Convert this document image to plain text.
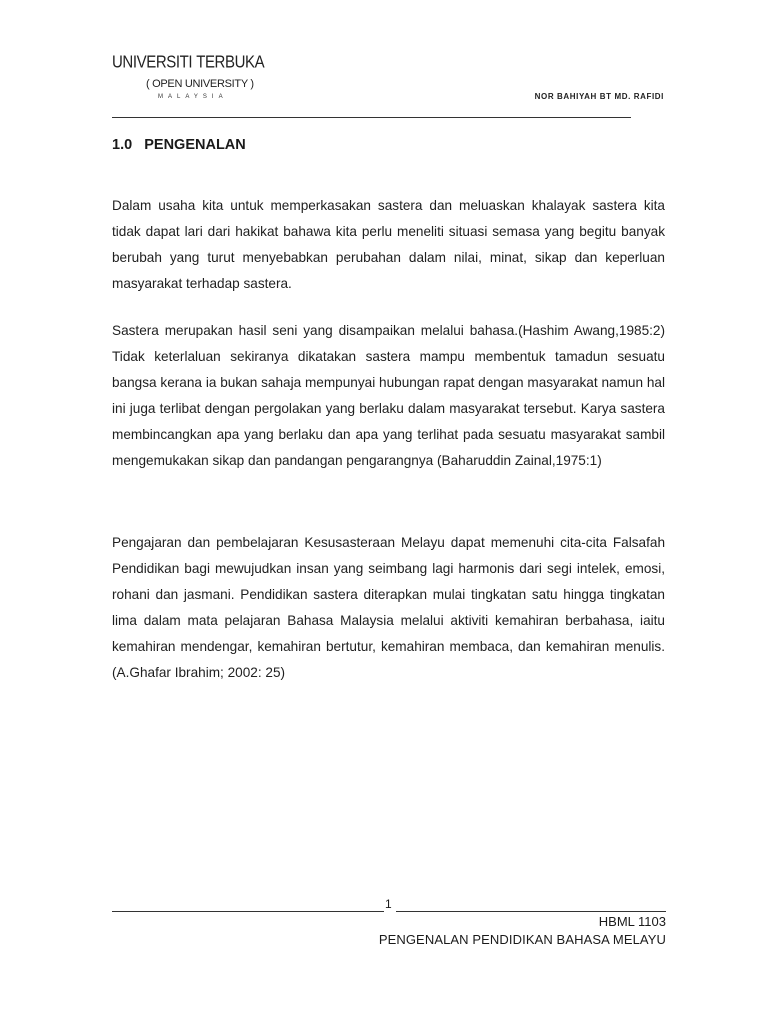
UNIVERSITI TERBUKA
( OPEN UNIVERSITY )
MALAYSIA	NOR BAHIYAH BT MD. RAFIDI
1.0   PENGENALAN

Dalam usaha kita untuk memperkasakan sastera dan meluaskan khalayak sastera kita tidak dapat lari dari hakikat bahawa kita perlu meneliti situasi semasa yang begitu banyak berubah yang turut menyebabkan perubahan dalam nilai, minat, sikap dan keperluan masyarakat terhadap sastera.

Sastera merupakan hasil seni yang disampaikan melalui bahasa.(Hashim Awang,1985:2) Tidak keterlaluan sekiranya dikatakan sastera mampu membentuk tamadun sesuatu bangsa kerana ia bukan sahaja mempunyai hubungan rapat dengan masyarakat namun hal ini juga terlibat dengan pergolakan yang berlaku dalam masyarakat tersebut. Karya sastera membincangkan apa yang berlaku dan apa yang terlihat pada sesuatu masyarakat sambil mengemukakan sikap dan pandangan pengarangnya (Baharuddin Zainal,1975:1)

Pengajaran dan pembelajaran Kesusasteraan Melayu dapat memenuhi cita-cita Falsafah Pendidikan bagi mewujudkan insan yang seimbang lagi harmonis dari segi intelek, emosi, rohani dan jasmani. Pendidikan sastera diterapkan mulai tingkatan satu hingga tingkatan lima dalam mata pelajaran Bahasa Malaysia melalui aktiviti kemahiran berbahasa, iaitu kemahiran mendengar, kemahiran bertutur, kemahiran membaca, dan kemahiran menulis. (A.Ghafar Ibrahim; 2002: 25)

1
HBML 1103
PENGENALAN PENDIDIKAN BAHASA MELAYU
